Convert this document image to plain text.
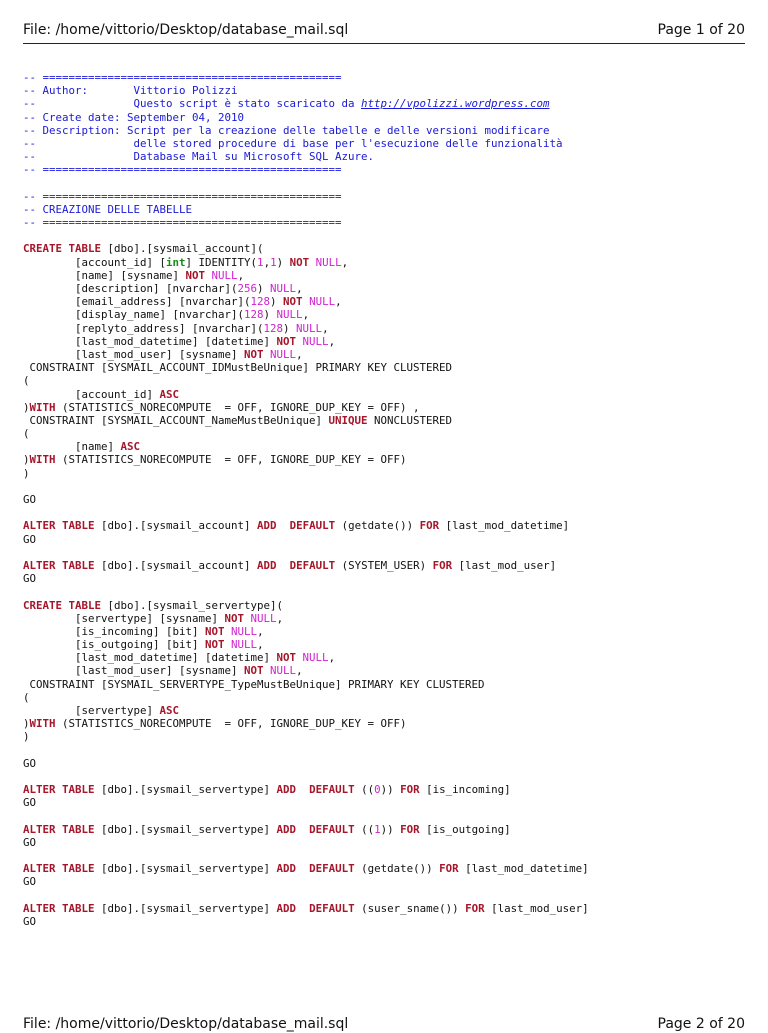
File: /home/vittorio/Desktop/database_mail.sql	Page 1 of 20
-- ==============================================
-- Author:       Vittorio Polizzi
--               Questo script è stato scaricato da http://vpolizzi.wordpress.com
-- Create date: September 04, 2010
-- Description: Script per la creazione delle tabelle e delle versioni modificare
--               delle stored procedure di base per l'esecuzione delle funzionalità
--               Database Mail su Microsoft SQL Azure.
-- ==============================================

-- ==============================================
-- CREAZIONE DELLE TABELLE
-- ==============================================

CREATE TABLE [dbo].[sysmail_account](
[account_id] [int] IDENTITY(1,1) NOT NULL,
[name] [sysname] NOT NULL,
[description] [nvarchar](256) NULL,
[email_address] [nvarchar](128) NOT NULL,
[display_name] [nvarchar](128) NULL,
[replyto_address] [nvarchar](128) NULL,
[last_mod_datetime] [datetime] NOT NULL,
[last_mod_user] [sysname] NOT NULL,
CONSTRAINT [SYSMAIL_ACCOUNT_IDMustBeUnique] PRIMARY KEY CLUSTERED
(
[account_id] ASC
)WITH (STATISTICS_NORECOMPUTE  = OFF, IGNORE_DUP_KEY = OFF) ,
CONSTRAINT [SYSMAIL_ACCOUNT_NameMustBeUnique] UNIQUE NONCLUSTERED
(
[name] ASC
)WITH (STATISTICS_NORECOMPUTE  = OFF, IGNORE_DUP_KEY = OFF)
)

GO

ALTER TABLE [dbo].[sysmail_account] ADD DEFAULT (getdate()) FOR [last_mod_datetime]
GO

ALTER TABLE [dbo].[sysmail_account] ADD DEFAULT (SYSTEM_USER) FOR [last_mod_user]
GO

CREATE TABLE [dbo].[sysmail_servertype](
[servertype] [sysname] NOT NULL,
[is_incoming] [bit] NOT NULL,
[is_outgoing] [bit] NOT NULL,
[last_mod_datetime] [datetime] NOT NULL,
[last_mod_user] [sysname] NOT NULL,
CONSTRAINT [SYSMAIL_SERVERTYPE_TypeMustBeUnique] PRIMARY KEY CLUSTERED
(
[servertype] ASC
)WITH (STATISTICS_NORECOMPUTE  = OFF, IGNORE_DUP_KEY = OFF)
)

GO

ALTER TABLE [dbo].[sysmail_servertype] ADD DEFAULT ((0)) FOR [is_incoming]
GO

ALTER TABLE [dbo].[sysmail_servertype] ADD DEFAULT ((1)) FOR [is_outgoing]
GO

ALTER TABLE [dbo].[sysmail_servertype] ADD DEFAULT (getdate()) FOR [last_mod_datetime]
GO

ALTER TABLE [dbo].[sysmail_servertype] ADD DEFAULT (suser_sname()) FOR [last_mod_user]
GO
File: /home/vittorio/Desktop/database_mail.sql	Page 2 of 20
